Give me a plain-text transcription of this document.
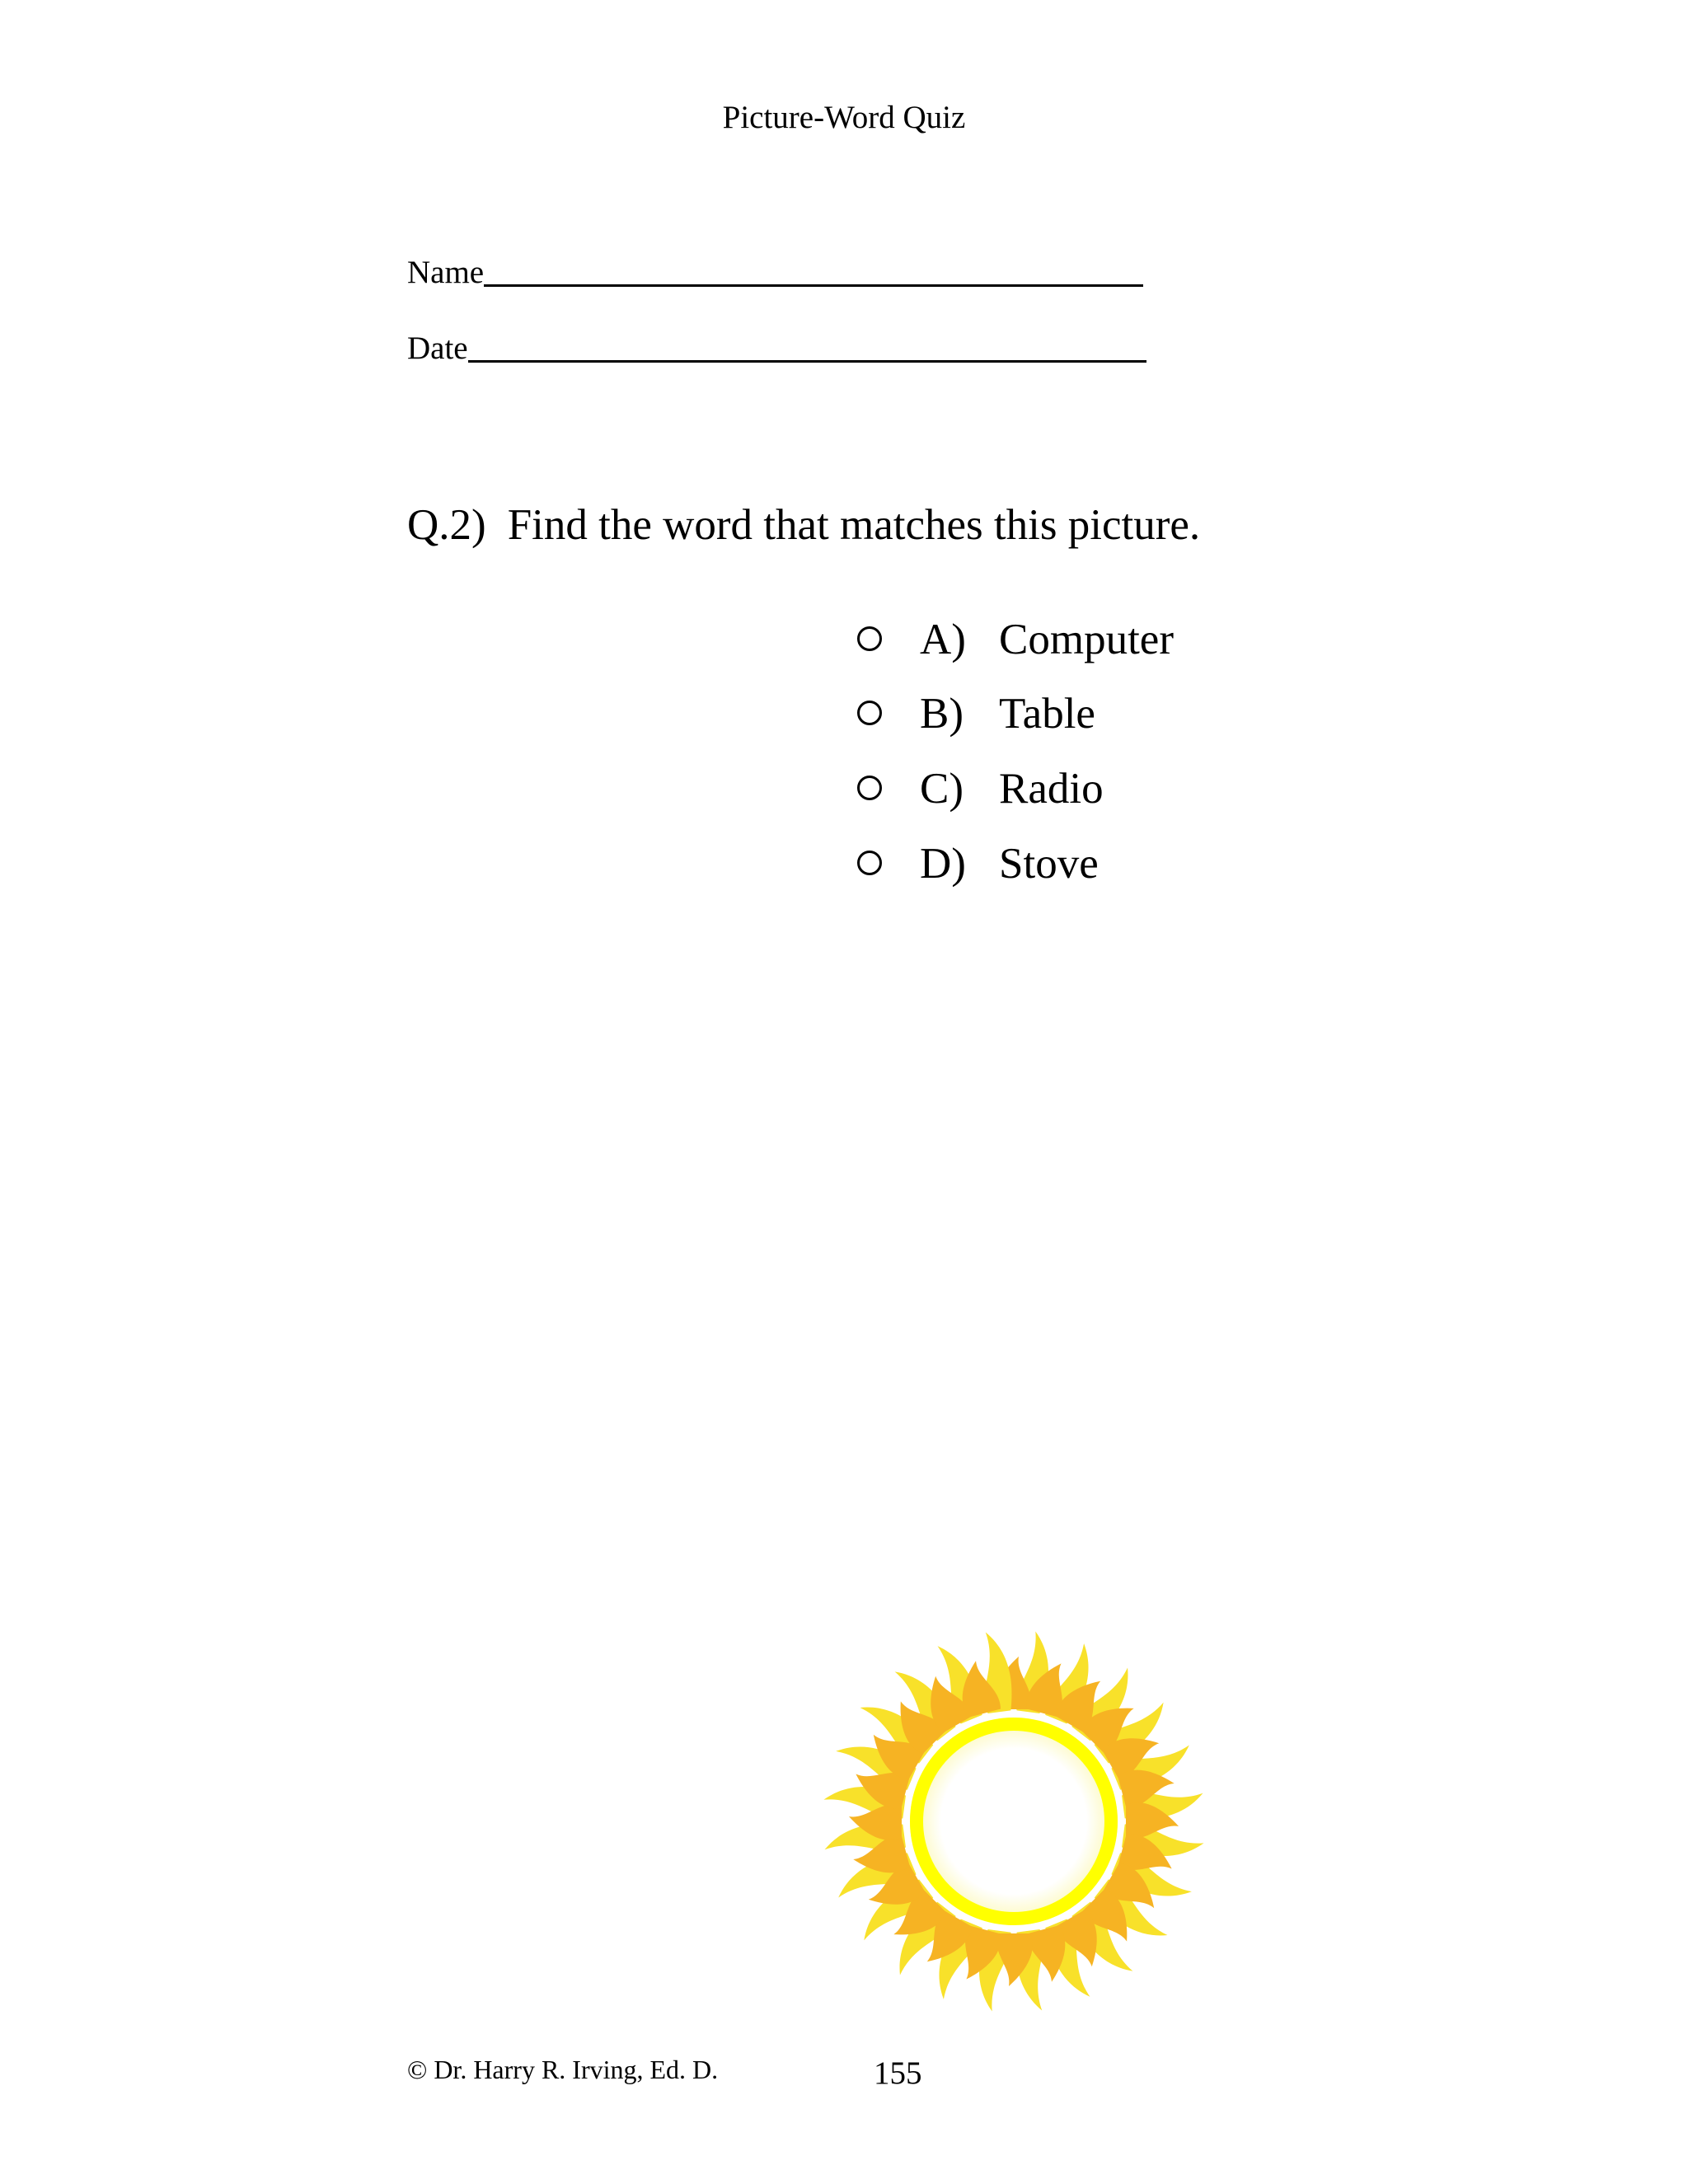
Picture-Word Quiz
Name
Date
Q.2) Find the word that matches this picture.
A) Computer
B) Table
C) Radio
D) Stove
© Dr. Harry R. Irving, Ed. D.	155
